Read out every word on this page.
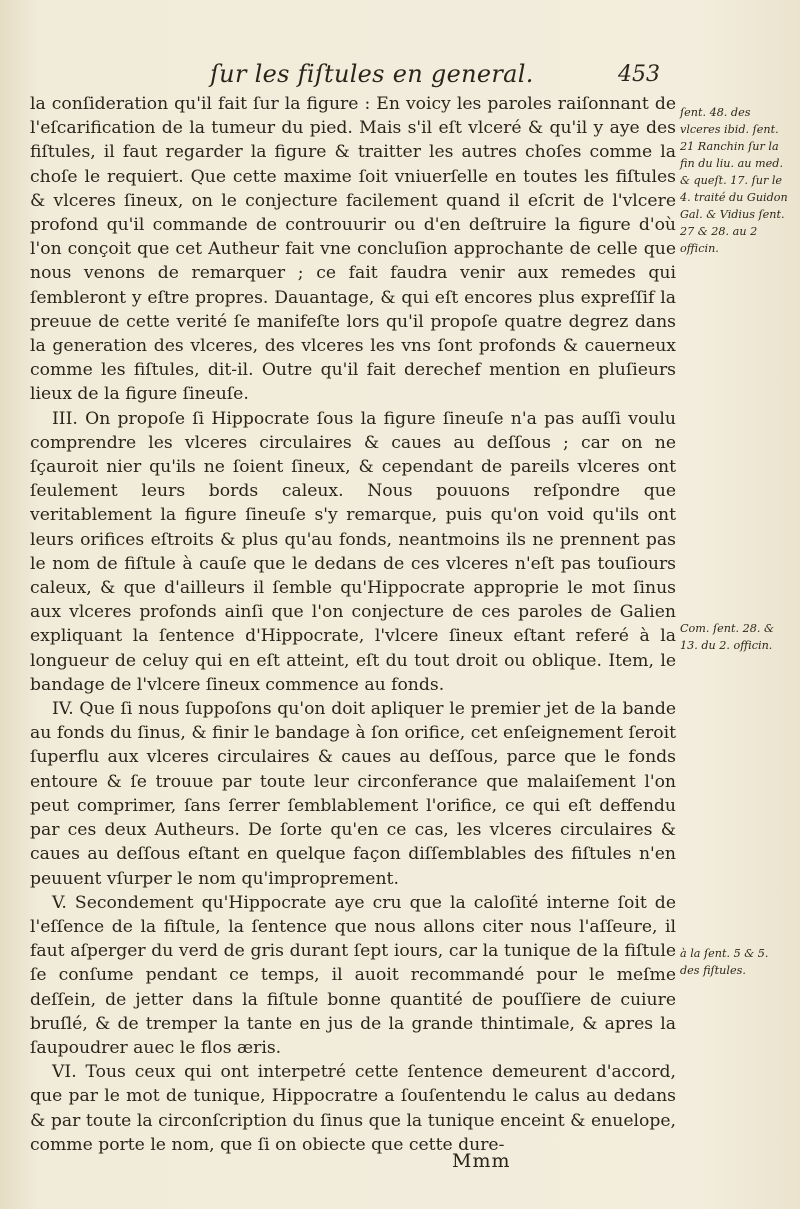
ſur les fiſtules en general.	453

la conſideration qu'il fait ſur la figure : En voicy les paroles raiſonnant de l'eſcarification de la tumeur du pied. Mais s'il eſt vlceré & qu'il y aye des fiſtules, il faut regarder la figure & traitter les autres choſes comme la choſe le requiert. Que cette maxime ſoit vniuerſelle en toutes les fiſtules & vlceres ſineux, on le conjecture facilement quand il eſcrit de l'vlcere profond qu'il commande de controuurir ou d'en deſtruire la figure d'où l'on conçoit que cet Autheur fait vne concluſion approchante de celle que nous venons de remarquer ; ce fait faudra venir aux remedes qui ſembleront y eſtre propres. Dauantage, & qui eſt encores plus expreſſif la preuue de cette verité ſe manifeſte lors qu'il propoſe quatre degrez dans la generation des vlceres, des vlceres les vns ſont profonds & cauerneux comme les fiſtules, dit-il. Outre qu'il fait derechef mention en pluſieurs lieux de la figure ſineuſe.

III. On propoſe ſi Hippocrate ſous la figure ſineuſe n'a pas auſſi voulu comprendre les vlceres circulaires & caues au deſſous ; car on ne ſçauroit nier qu'ils ne ſoient ſineux, & cependant de pareils vlceres ont ſeulement leurs bords caleux. Nous pouuons reſpondre que veritablement la figure ſineuſe s'y remarque, puis qu'on void qu'ils ont leurs orifices eſtroits & plus qu'au fonds, neantmoins ils ne prennent pas le nom de fiſtule à cauſe que le dedans de ces vlceres n'eſt pas touſiours caleux, & que d'ailleurs il ſemble qu'Hippocrate approprie le mot ſinus aux vlceres profonds ainſi que l'on conjecture de ces paroles de Galien expliquant la ſentence d'Hippocrate, l'vlcere ſineux eſtant referé à la longueur de celuy qui en eſt atteint, eſt du tout droit ou oblique. Item, le bandage de l'vlcere ſineux commence au fonds.

IV. Que ſi nous ſuppoſons qu'on doit apliquer le premier jet de la bande au fonds du ſinus, & finir le bandage à ſon orifice, cet enſeignement ſeroit ſuperflu aux vlceres circulaires & caues au deſſous, parce que le fonds entoure & ſe trouue par toute leur circonferance que malaiſement l'on peut comprimer, ſans ſerrer ſemblablement l'orifice, ce qui eſt deffendu par ces deux Autheurs. De ſorte qu'en ce cas, les vlceres circulaires & caues au deſſous eſtant en quelque façon diſſemblables des fiſtules n'en peuuent vſurper le nom qu'improprement.

V. Secondement qu'Hippocrate aye cru que la caloſité interne ſoit de l'eſſence de la fiſtule, la ſentence que nous allons citer nous l'aſſeure, il faut aſperger du verd de gris durant ſept iours, car la tunique de la fiſtule ſe conſume pendant ce temps, il auoit recommandé pour le meſme deſſein, de jetter dans la fiſtule bonne quantité de pouſſiere de cuiure bruſlé, & de tremper la tante en jus de la grande thintimale, & apres la ſaupoudrer auec le flos æris.

VI. Tous ceux qui ont interpetré cette ſentence demeurent d'accord, que par le mot de tunique, Hippocratre a ſouſentendu le calus au dedans & par toute la circonſcription du ſinus que la tunique enceint & enuelope, comme porte le nom, que ſi on obiecte que cette dure-

ſent. 48. des vlceres ibid. ſent. 21 Ranchin ſur la fin du liu. au med. & queſt. 17. ſur le 4. traité du Guidon Gal. & Vidius ſent. 27 & 28. au 2 officin.
Com. ſent. 28. & 13. du 2. officin.
à la ſent. 5 & 5. des fiſtules.
Mmm
